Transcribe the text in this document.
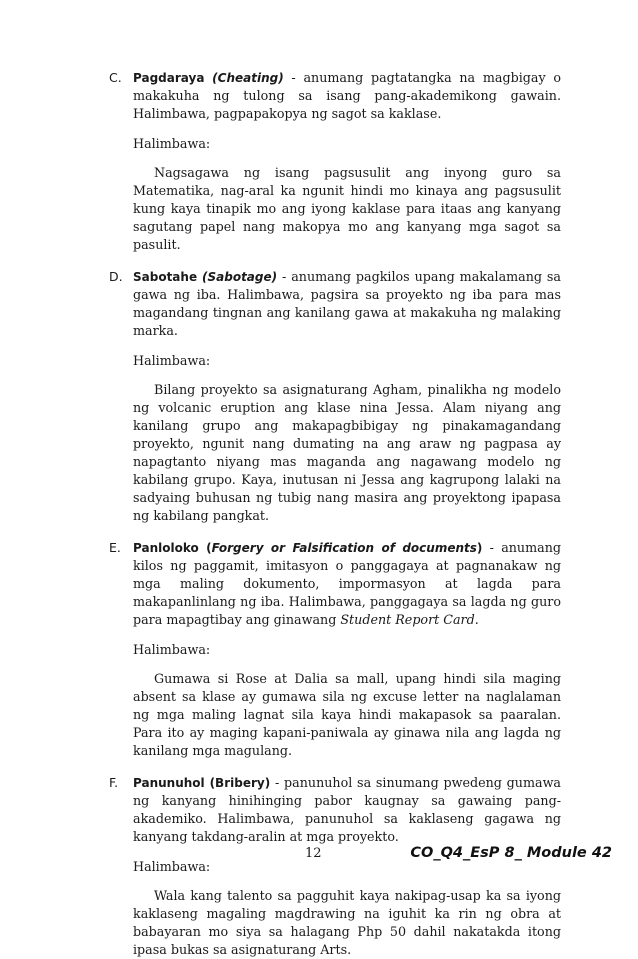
C. Pagdaraya (Cheating) - anumang pagtatangka na magbigay o makakuha ng tulong sa isang pang-akademikong gawain. Halimbawa, pagpapakopya ng sagot sa kaklase.

Halimbawa:

Nagsagawa ng isang pagsusulit ang inyong guro sa Matematika, nag-aral ka ngunit hindi mo kinaya ang pagsusulit kung kaya tinapik mo ang iyong kaklase para itaas ang kanyang sagutang papel nang makopya mo ang kanyang mga sagot sa pasulit.

D. Sabotahe (Sabotage) - anumang pagkilos upang makalamang sa gawa ng iba. Halimbawa, pagsira sa proyekto ng iba para mas magandang tingnan ang kanilang gawa at makakuha ng malaking marka.

Halimbawa:

Bilang proyekto sa asignaturang Agham, pinalikha ng modelo ng volcanic eruption ang klase nina Jessa. Alam niyang ang kanilang grupo ang makapagbibigay ng pinakamagandang proyekto, ngunit nang dumating na ang araw ng pagpasa ay napagtanto niyang mas maganda ang nagawang modelo ng kabilang grupo. Kaya, inutusan ni Jessa ang kagrupong lalaki na sadyaing buhusan ng tubig nang masira ang proyektong ipapasa ng kabilang pangkat.

E. Panloloko (Forgery or Falsification of documents) - anumang kilos ng paggamit, imitasyon o panggagaya at pagnanakaw ng mga maling dokumento, impormasyon at lagda para makapanlinlang ng iba. Halimbawa, panggagaya sa lagda ng guro para mapagtibay ang ginawang Student Report Card.

Halimbawa:

Gumawa si Rose at Dalia sa mall, upang hindi sila maging absent sa klase ay gumawa sila ng excuse letter na naglalaman ng mga maling lagnat sila kaya hindi makapasok sa paaralan. Para ito ay maging kapani-paniwala ay ginawa nila ang lagda ng kanilang mga magulang.

F. Panunuhol (Bribery) - panunuhol sa sinumang pwedeng gumawa ng kanyang hinihinging pabor kaugnay sa gawaing pang-akademiko. Halimbawa, panunuhol sa kaklaseng gagawa ng kanyang takdang-aralin at mga proyekto.

Halimbawa:

Wala kang talento sa pagguhit kaya nakipag-usap ka sa iyong kaklaseng magaling magdrawing na iguhit ka rin ng obra at babayaran mo siya sa halagang Php 50 dahil nakatakda itong ipasa bukas sa asignaturang Arts.

12	CO_Q4_EsP 8_ Module 42
